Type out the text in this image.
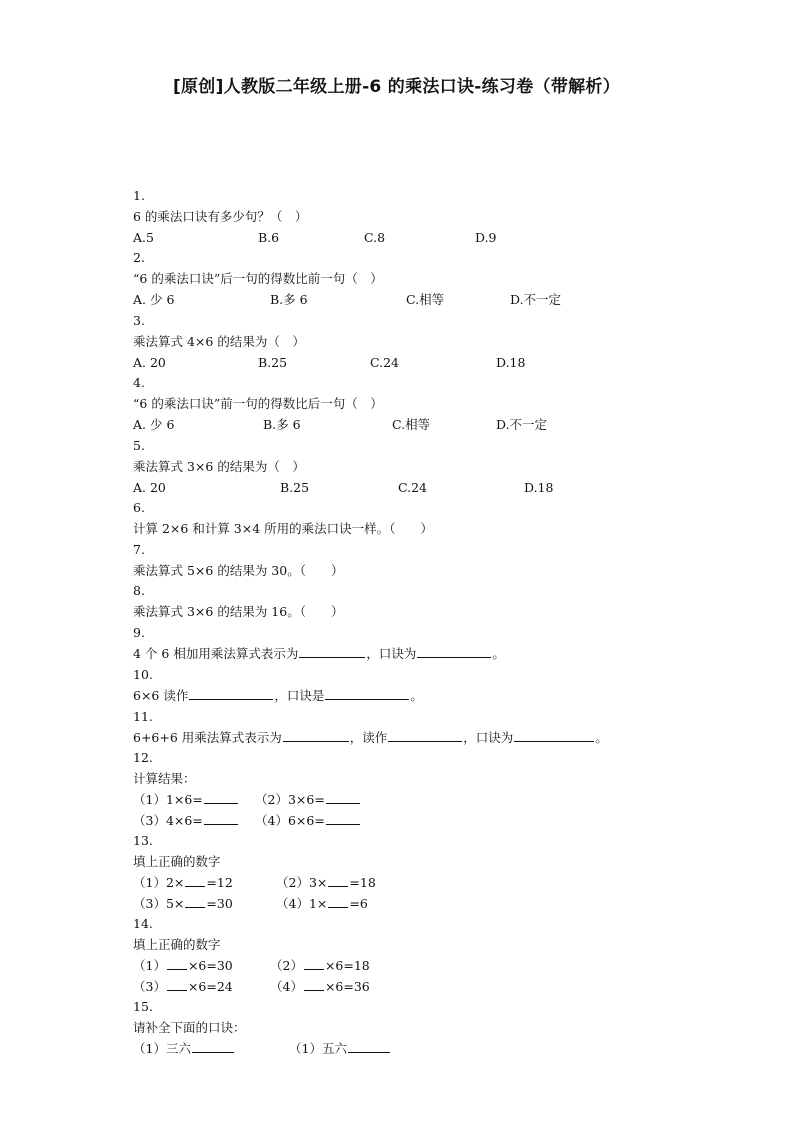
[原创]人教版二年级上册-6 的乘法口诀-练习卷（带解析）
1.
6 的乘法口诀有多少句？（　）
A.5	B.6	C.8	D.9
2.
“6 的乘法口诀”后一句的得数比前一句（　）
A. 少 6	B.多 6	C.相等	D.不一定
3.
乘法算式 4×6 的结果为（　）
A. 20	B.25	C.24	D.18
4.
“6 的乘法口诀”前一句的得数比后一句（　）
A. 少 6	B.多 6	C.相等	D.不一定
5.
乘法算式 3×6 的结果为（　）
A. 20	B.25	C.24	D.18
6.
计算 2×6 和计算 3×4 所用的乘法口诀一样。（　　）
7.
乘法算式 5×6 的结果为 30。（　　）
8.
乘法算式 3×6 的结果为 16。（　　）
9.
4 个 6 相加用乘法算式表示为	，口诀为	。
10.
6×6 读作	，口诀是	。
11.
6+6+6 用乘法算式表示为	，读作	，口诀为	。
12.
计算结果：
（1）1×6=	（2）3×6=
（3）4×6=	（4）6×6=
13.
填上正确的数字
（1）2× =12	（2）3× =18
（3）5× =30	（4）1× =6
14.
填上正确的数字
（1） ×6=30	（2） ×6=18
（3） ×6=24	（4） ×6=36
15.
请补全下面的口诀：
（1）三六	（1）五六
